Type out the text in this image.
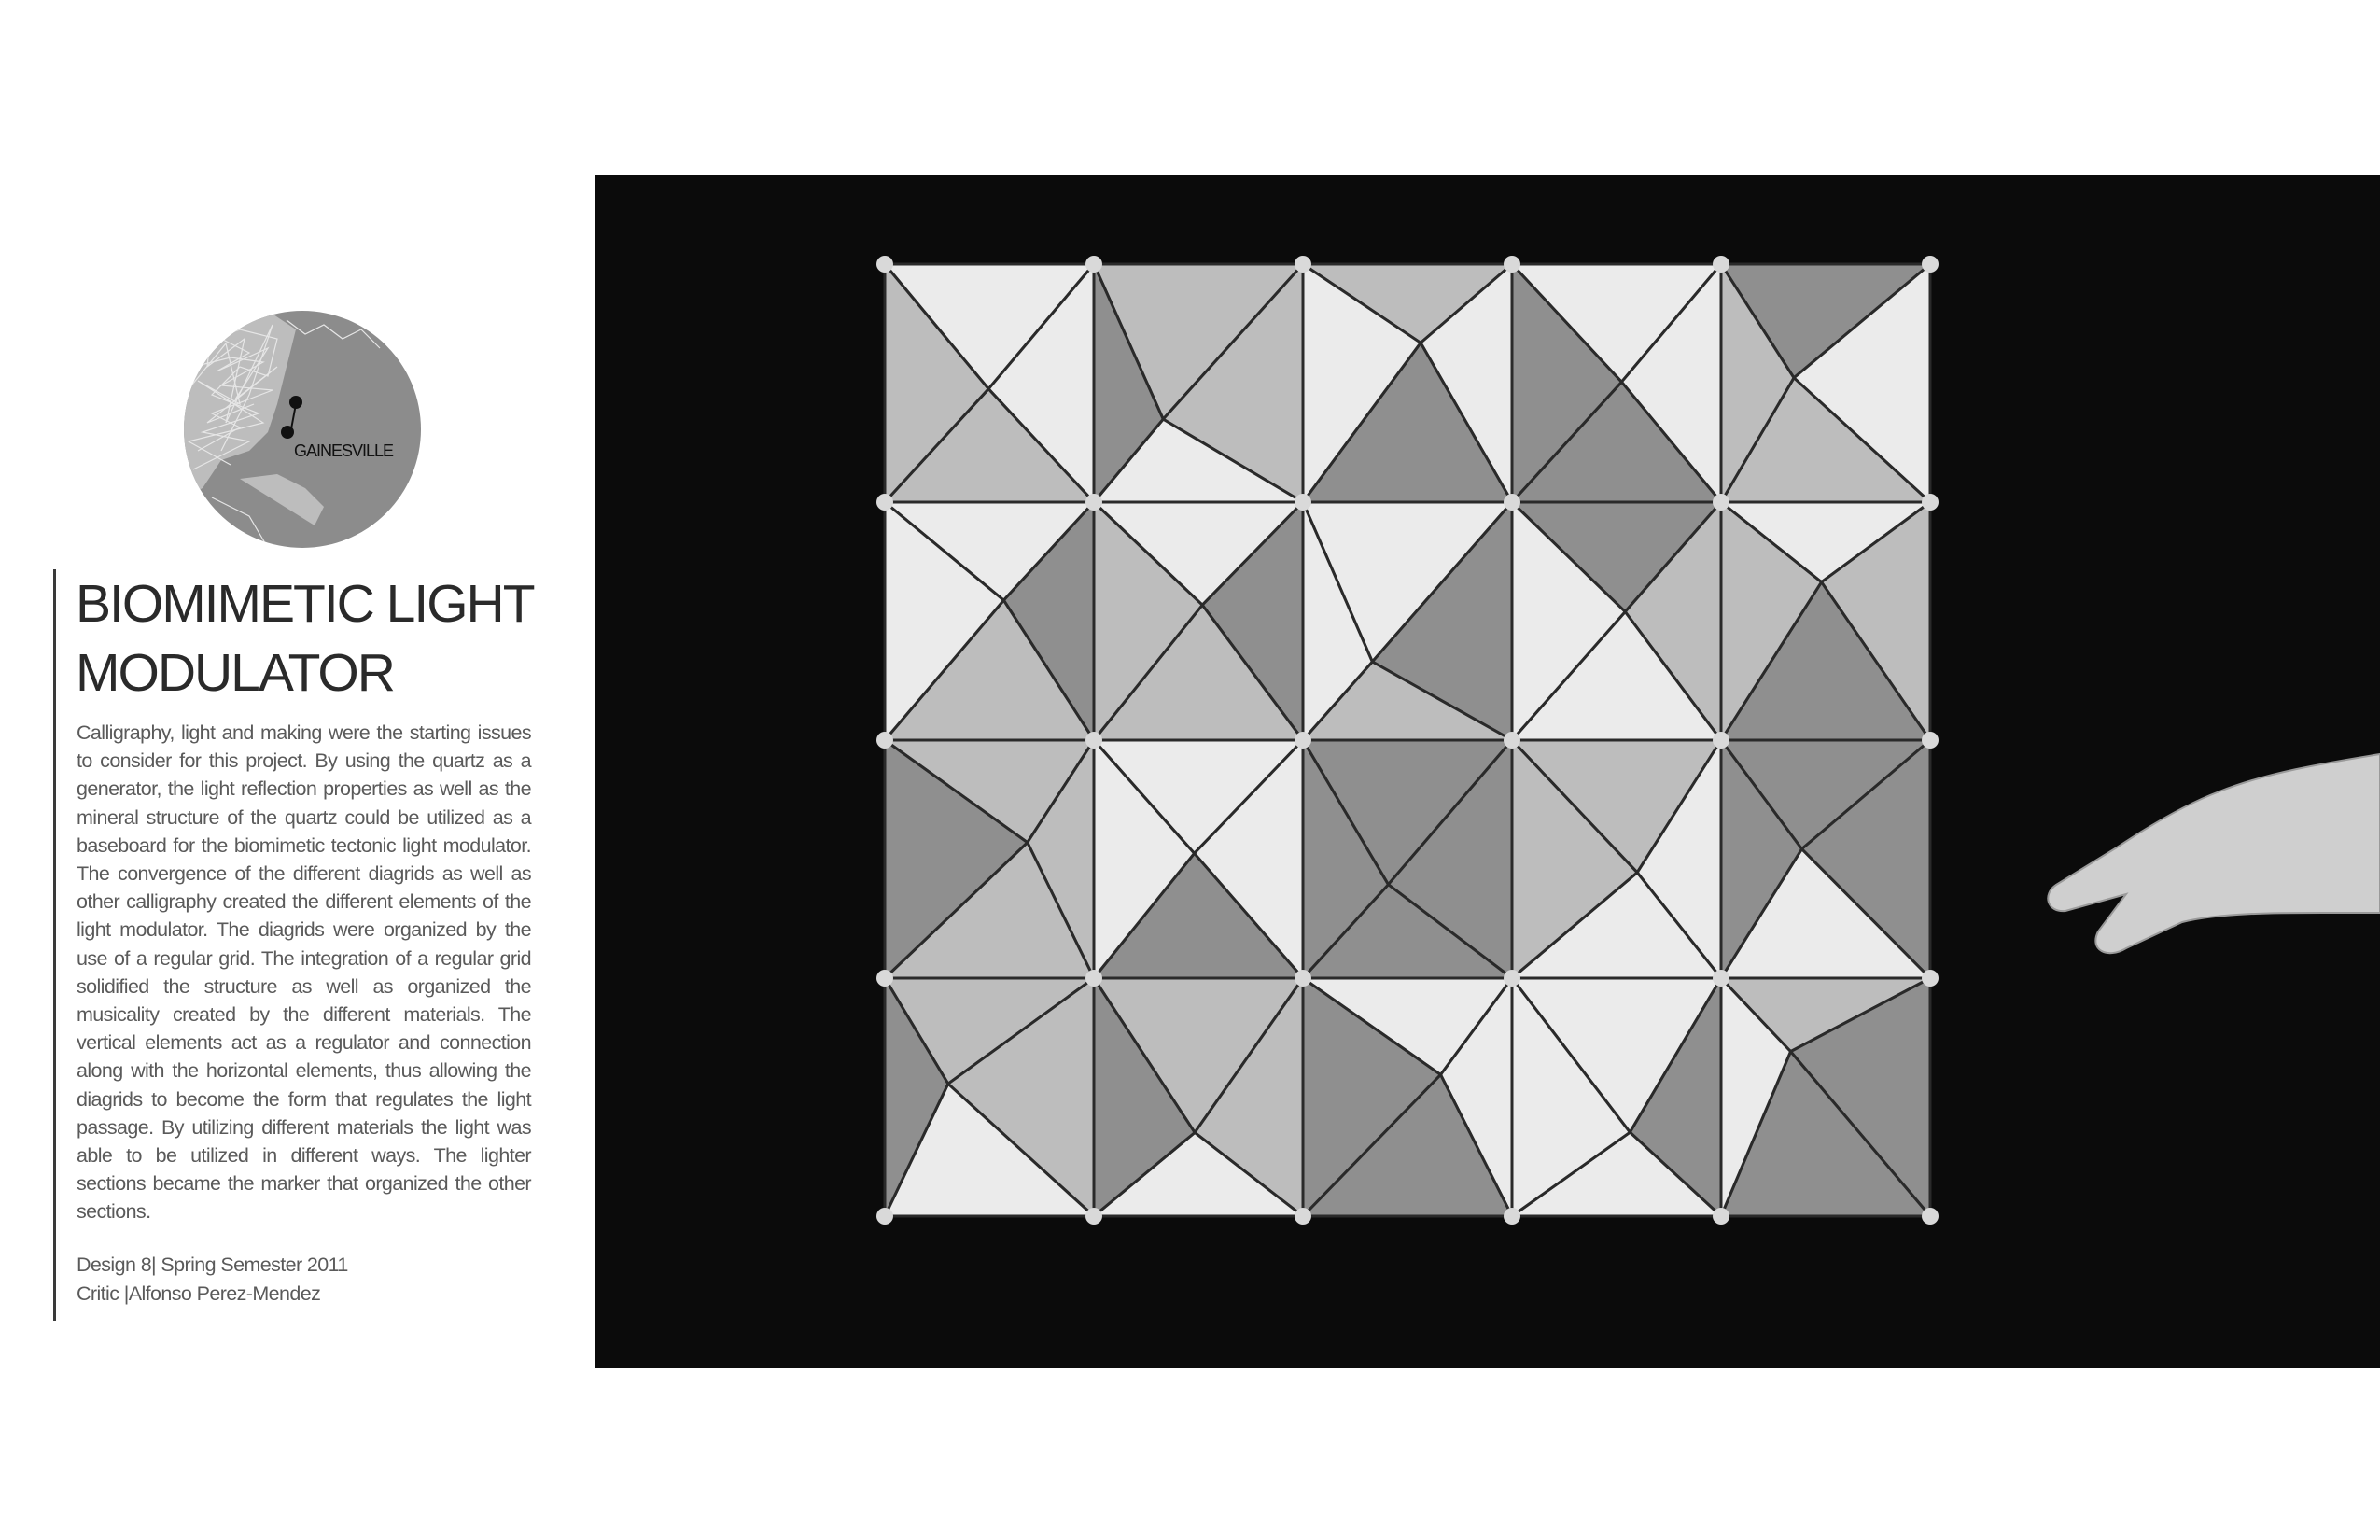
GAINESVILLE
BIOMIMETIC LIGHT
MODULATOR

Calligraphy, light and making were the starting issues to consider for this project. By using the quartz as a generator, the light reflection properties as well as the mineral structure of the quartz could be utilized as a baseboard for the biomimetic tectonic light modulator. The convergence of the different diagrids as well as other calligraphy created the different elements of the light modulator. The diagrids were organized by the use of a regular grid. The integration of a regular grid solidified the structure as well as organized the musicality created by the different materials. The vertical elements act as a regulator and connection along with the horizontal elements, thus allowing the diagrids to become the form that regulates the light passage. By utilizing different materials the light was able to be utilized in different ways. The lighter sections became the marker that organized the other sections.

Design 8| Spring Semester 2011
Critic |Alfonso Perez-Mendez
